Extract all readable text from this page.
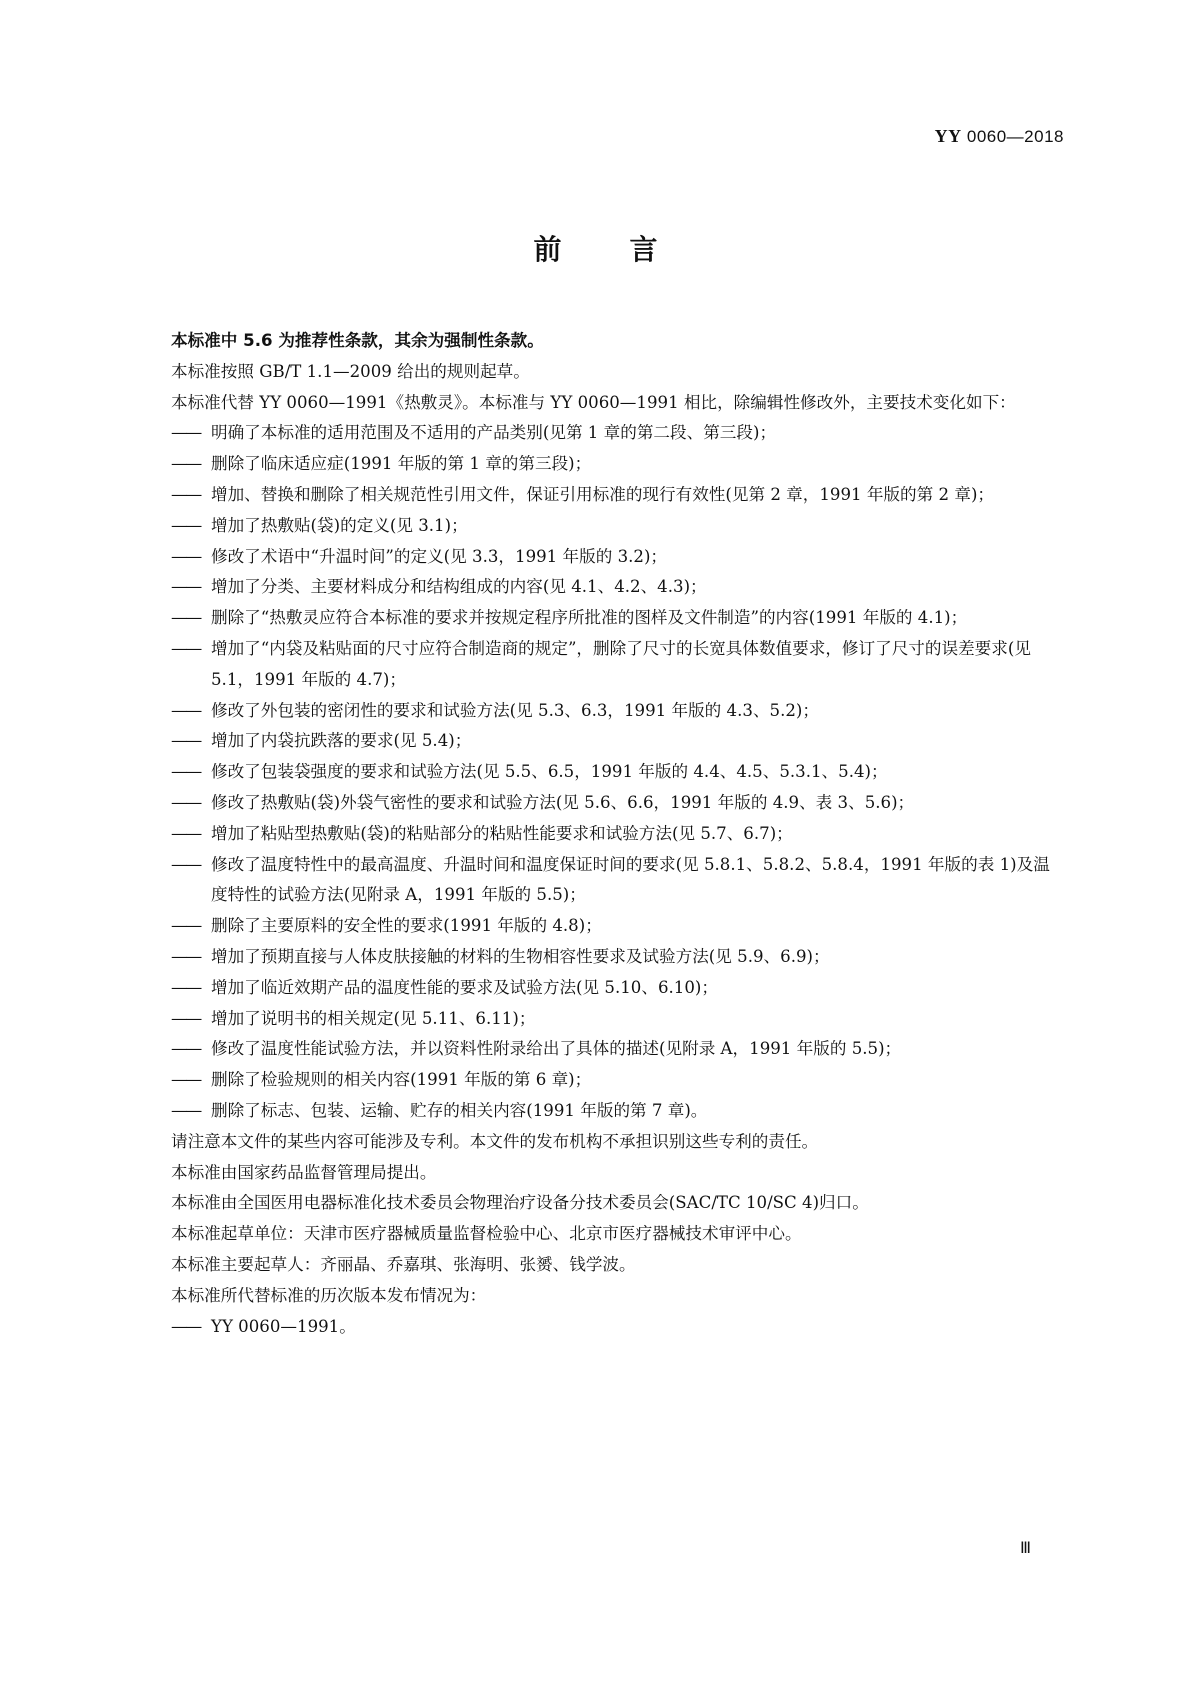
YY 0060—2018
前 言

本标准中 5.6 为推荐性条款，其余为强制性条款。

本标准按照 GB/T 1.1—2009 给出的规则起草。

本标准代替 YY 0060—1991《热敷灵》。本标准与 YY 0060—1991 相比，除编辑性修改外，主要技术变化如下：

—— 明确了本标准的适用范围及不适用的产品类别(见第 1 章的第二段、第三段)；

—— 删除了临床适应症(1991 年版的第 1 章的第三段)；

—— 增加、替换和删除了相关规范性引用文件，保证引用标准的现行有效性(见第 2 章，1991 年版的第 2 章)；

—— 增加了热敷贴(袋)的定义(见 3.1)；

—— 修改了术语中“升温时间”的定义(见 3.3，1991 年版的 3.2)；

—— 增加了分类、主要材料成分和结构组成的内容(见 4.1、4.2、4.3)；

—— 删除了“热敷灵应符合本标准的要求并按规定程序所批准的图样及文件制造”的内容(1991 年版的 4.1)；

—— 增加了“内袋及粘贴面的尺寸应符合制造商的规定”，删除了尺寸的长宽具体数值要求，修订了尺寸的误差要求(见 5.1，1991 年版的 4.7)；

—— 修改了外包装的密闭性的要求和试验方法(见 5.3、6.3，1991 年版的 4.3、5.2)；

—— 增加了内袋抗跌落的要求(见 5.4)；

—— 修改了包装袋强度的要求和试验方法(见 5.5、6.5，1991 年版的 4.4、4.5、5.3.1、5.4)；

—— 修改了热敷贴(袋)外袋气密性的要求和试验方法(见 5.6、6.6，1991 年版的 4.9、表 3、5.6)；

—— 增加了粘贴型热敷贴(袋)的粘贴部分的粘贴性能要求和试验方法(见 5.7、6.7)；

—— 修改了温度特性中的最高温度、升温时间和温度保证时间的要求(见 5.8.1、5.8.2、5.8.4，1991 年版的表 1)及温度特性的试验方法(见附录 A，1991 年版的 5.5)；

—— 删除了主要原料的安全性的要求(1991 年版的 4.8)；

—— 增加了预期直接与人体皮肤接触的材料的生物相容性要求及试验方法(见 5.9、6.9)；

—— 增加了临近效期产品的温度性能的要求及试验方法(见 5.10、6.10)；

—— 增加了说明书的相关规定(见 5.11、6.11)；

—— 修改了温度性能试验方法，并以资料性附录给出了具体的描述(见附录 A，1991 年版的 5.5)；

—— 删除了检验规则的相关内容(1991 年版的第 6 章)；

—— 删除了标志、包装、运输、贮存的相关内容(1991 年版的第 7 章)。

请注意本文件的某些内容可能涉及专利。本文件的发布机构不承担识别这些专利的责任。

本标准由国家药品监督管理局提出。

本标准由全国医用电器标准化技术委员会物理治疗设备分技术委员会(SAC/TC 10/SC 4)归口。

本标准起草单位：天津市医疗器械质量监督检验中心、北京市医疗器械技术审评中心。

本标准主要起草人：齐丽晶、乔嘉琪、张海明、张赟、钱学波。

本标准所代替标准的历次版本发布情况为：

—— YY 0060—1991。

Ⅲ
